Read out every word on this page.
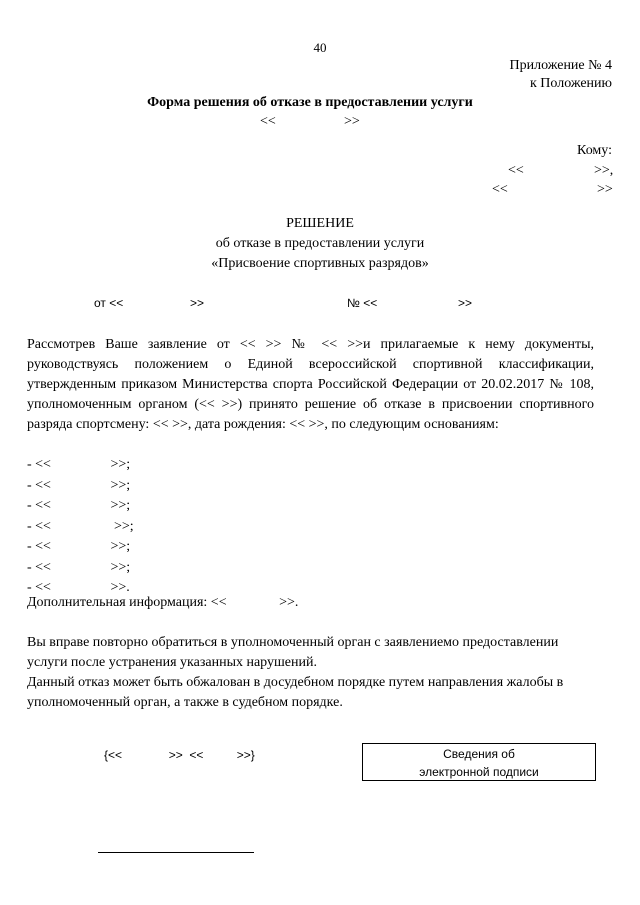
40
Приложение № 4
к Положению
Форма решения об отказе в предоставлении услуги
<<	>>
Кому:
<<	>>,
<<	>>
РЕШЕНИЕ
об отказе в предоставлении услуги
«Присвоение спортивных разрядов»
от <<	>>	№ <<	>>
Рассмотрев Ваше заявление от << >> № << >>и прилагаемые к нему документы, руководствуясь положением о Единой всероссийской спортивной классификации, утвержденным приказом Министерства спорта Российской Федерации от 20.02.2017 № 108, уполномоченным органом (<< >>) принято решение об отказе в присвоении спортивного разряда спортсмену: << >>, дата рождения: << >>, по следующим основаниям:
- <<                 >>;
- <<                 >>;
- <<                 >>;
- <<                  >>;
- <<                 >>;
- <<                 >>;
- <<                 >>.
Дополнительная информация: <<               >>.
Вы вправе повторно обратиться в уполномоченный орган с заявлениемо предоставлении услуги после устранения указанных нарушений.
Данный отказ может быть обжалован в досудебном порядке путем направления жалобы в уполномоченный орган, а также в судебном порядке.
{<<              >>  <<          >>}	Сведения об
электронной подписи
